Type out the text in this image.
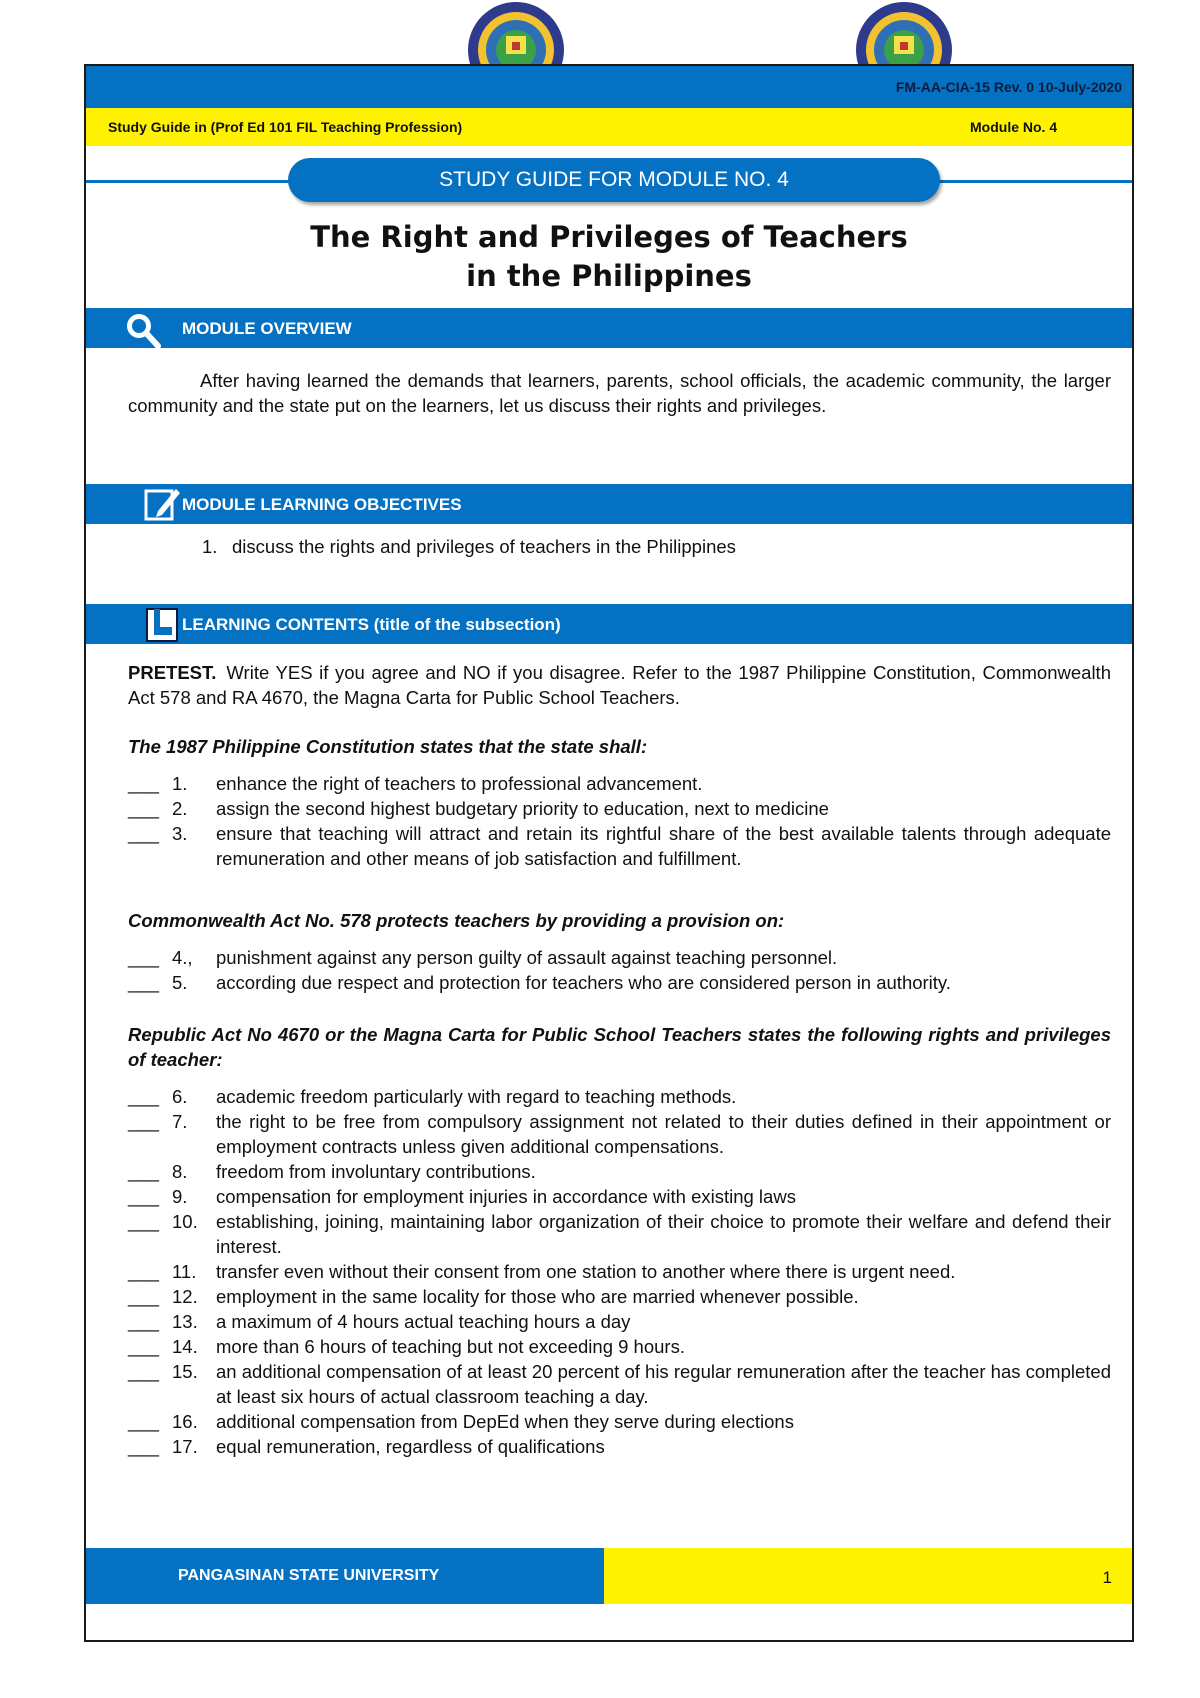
FM-AA-CIA-15 Rev. 0 10-July-2020
Study Guide in (Prof Ed 101 FIL Teaching Profession)	Module No. 4
STUDY GUIDE FOR MODULE NO. 4
The Right and Privileges of Teachers
in the Philippines
MODULE OVERVIEW

After having learned the demands that learners, parents, school officials, the academic community, the larger community and the state put on the learners, let us discuss their rights and privileges.

MODULE LEARNING OBJECTIVES
1. discuss the rights and privileges of teachers in the Philippines
LEARNING CONTENTS (title of the subsection)

PRETEST. Write YES if you agree and NO if you disagree. Refer to the 1987 Philippine Constitution, Commonwealth Act 578 and RA 4670, the Magna Carta for Public School Teachers.

The 1987 Philippine Constitution states that the state shall:
___ 1.	enhance the right of teachers to professional advancement.
___ 2.	assign the second highest budgetary priority to education, next to medicine
___ 3.	ensure that teaching will attract and retain its rightful share of the best available talents through adequate remuneration and other means of job satisfaction and fulfillment.
Commonwealth Act No. 578 protects teachers by providing a provision on:
___ 4.,	punishment against any person guilty of assault against teaching personnel.
___ 5.	according due respect and protection for teachers who are considered person in authority.
Republic Act No 4670 or the Magna Carta for Public School Teachers states the following rights and privileges of teacher:
___ 6.	academic freedom particularly with regard to teaching methods.
___ 7.	the right to be free from compulsory assignment not related to their duties defined in their appointment or employment contracts unless given additional compensations.
___ 8.	freedom from involuntary contributions.
___ 9.	compensation for employment injuries in accordance with existing laws
___ 10. establishing, joining, maintaining labor organization of their choice to promote their welfare and defend their interest.
___ 11.	transfer even without their consent from one station to another where there is urgent need.
___ 12. employment in the same locality for those who are married whenever possible.
___ 13. a maximum of 4 hours actual teaching hours a day
___ 14. more than 6 hours of teaching but not exceeding 9 hours.
___ 15. an additional compensation of at least 20 percent of his regular remuneration after the teacher has completed at least six hours of actual classroom teaching a day.
___ 16. additional compensation from DepEd when they serve during elections
___ 17. equal remuneration, regardless of qualifications
PANGASINAN STATE UNIVERSITY	1
